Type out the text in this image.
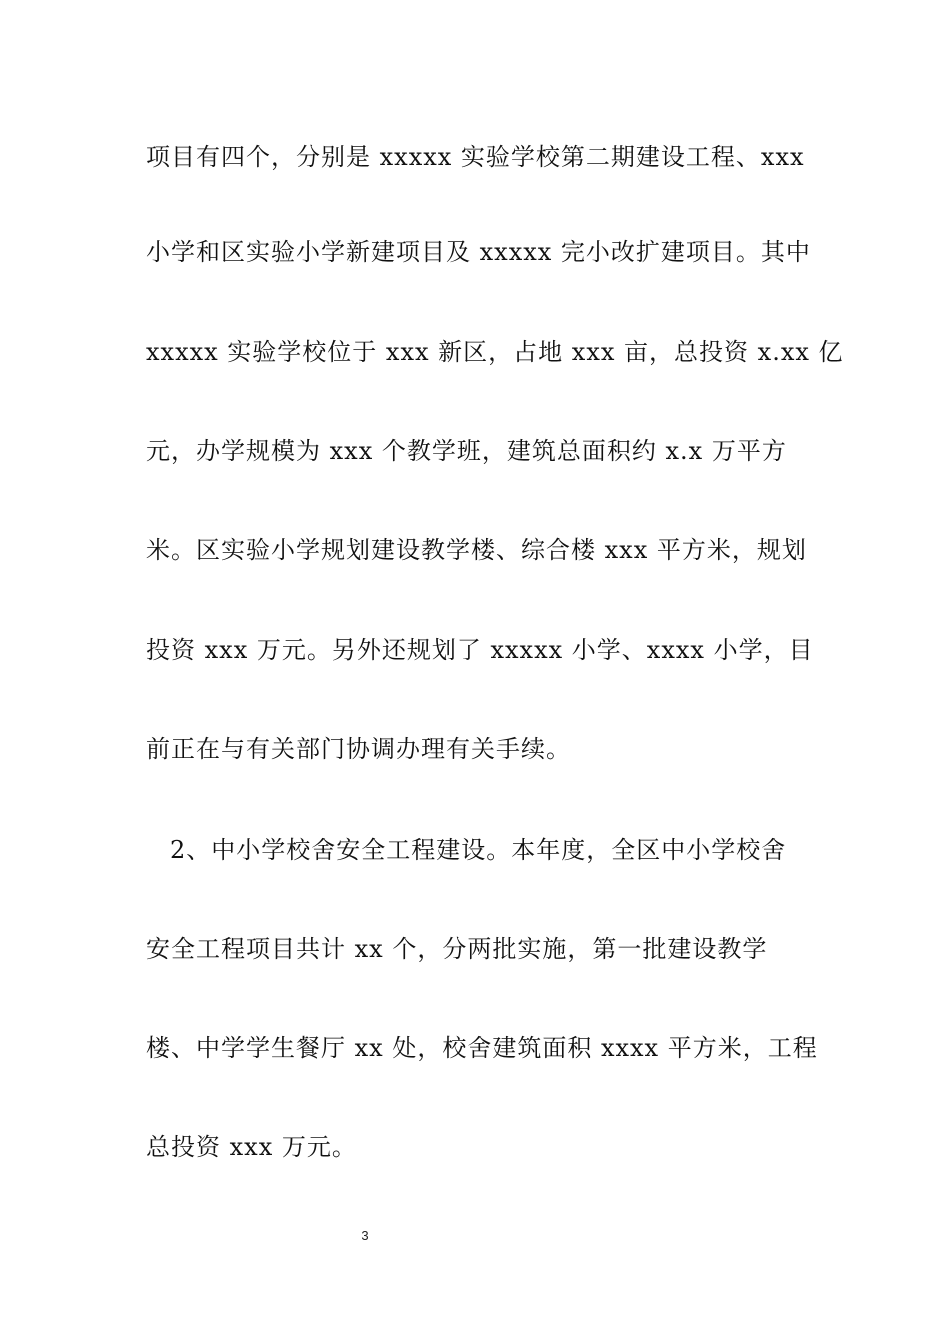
项目有四个，分别是 xxxxx 实验学校第二期建设工程、xxx
小学和区实验小学新建项目及 xxxxx 完小改扩建项目。其中
xxxxx 实验学校位于 xxx 新区，占地 xxx 亩，总投资 x.xx 亿
元，办学规模为 xxx 个教学班，建筑总面积约 x.x 万平方
米。区实验小学规划建设教学楼、综合楼 xxx 平方米，规划
投资 xxx 万元。另外还规划了 xxxxx 小学、xxxx 小学，目
前正在与有关部门协调办理有关手续。
2、中小学校舍安全工程建设。本年度，全区中小学校舍
安全工程项目共计 xx 个，分两批实施，第一批建设教学
楼、中学学生餐厅 xx 处，校舍建筑面积 xxxx 平方米，工程
总投资 xxx 万元。
3
